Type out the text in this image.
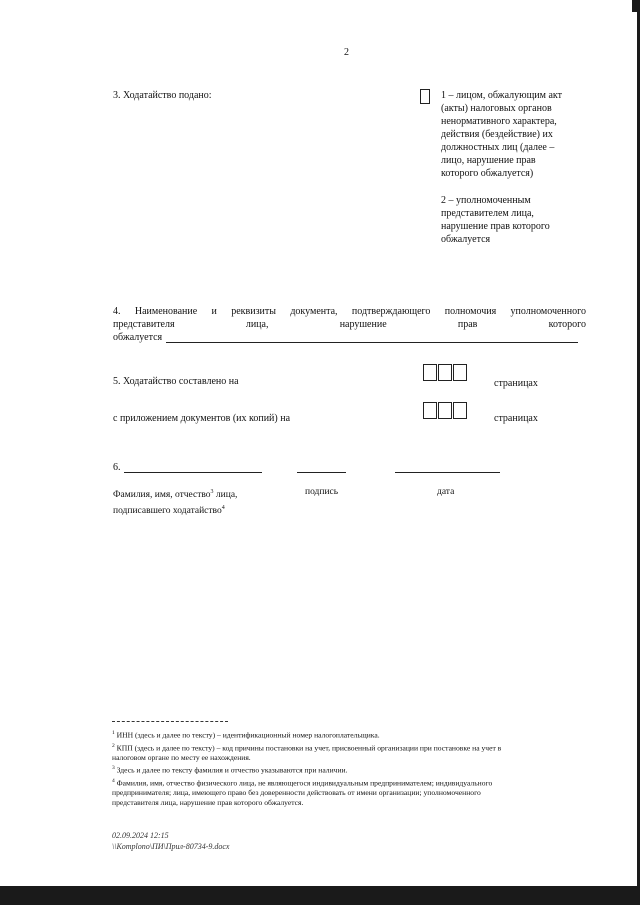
2
3. Ходатайство подано:	1 – лицом, обжалующим акт
(акты) налоговых органов
ненормативного характера,
действия (бездействие) их
должностных лиц (далее –
лицо, нарушение прав
которого обжалуется)
2 – уполномоченным
представителем лица,
нарушение прав которого
обжалуется
4. Наименование и реквизиты документа, подтверждающего полномочия уполномоченного
представителя	лица,	нарушение	прав	которого
обжалуется
5. Ходатайство составлено на	страницах
с приложением документов (их копий) на	страницах
6.
Фамилия, имя, отчество$^3$ лица,
подписавшего ходатайство$^4$
подпись	дата
$^1$ ИНН (здесь и далее по тексту) – идентификационный номер налогоплательщика.
$^2$ КПП (здесь и далее по тексту) – код причины постановки на учет, присвоенный организации при постановке на учет в
налоговом органе по месту ее нахождения.
$^3$ Здесь и далее по тексту фамилия и отчество указываются при наличии.
$^4$ Фамилия, имя, отчество физического лица, не являющегося индивидуальным предпринимателем; индивидуального
предпринимателя; лица, имеющего право без доверенности действовать от имени организации; уполномоченного
представителя лица, нарушение прав которого обжалуется.
02.09.2024 12:15
\\Komplono\ПИ\Прил-80734-9.docx
